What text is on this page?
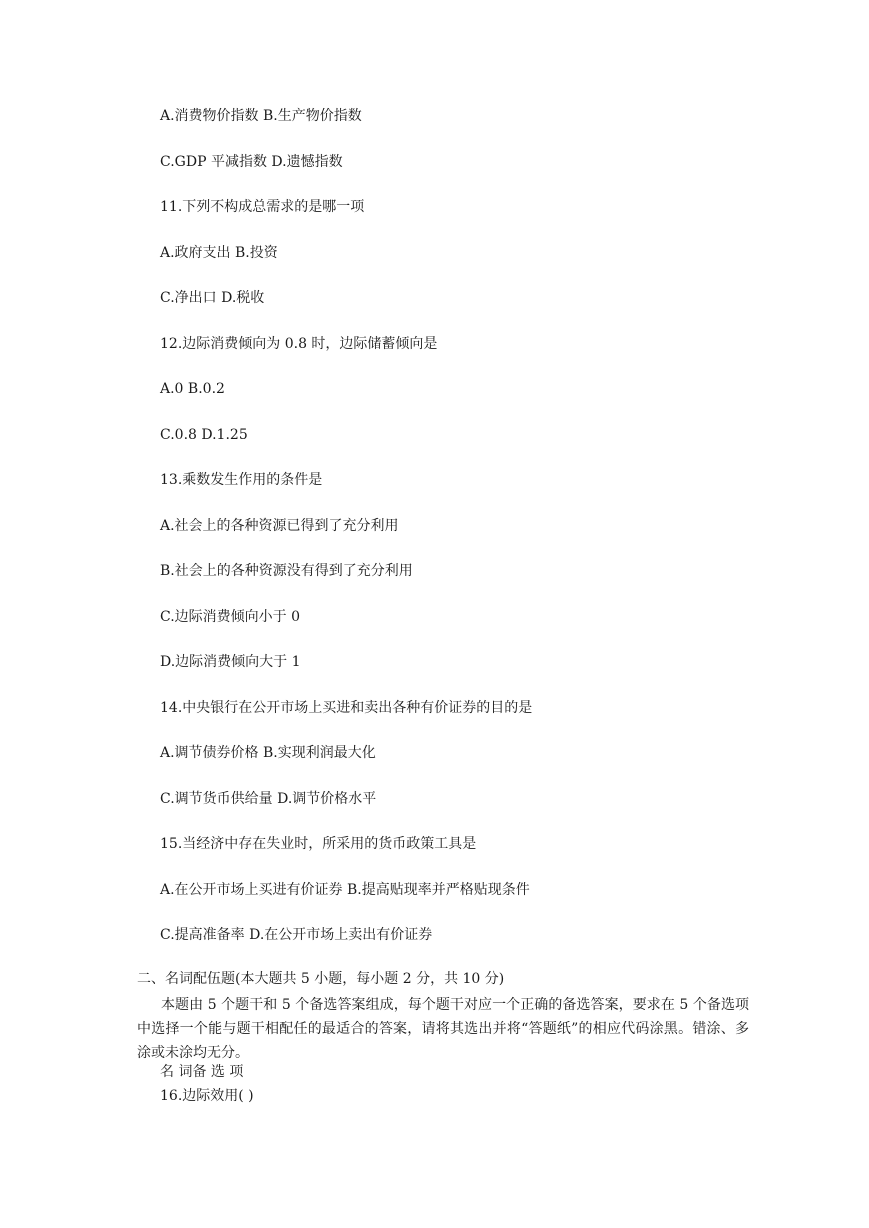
A.消费物价指数 B.生产物价指数
C.GDP 平减指数 D.遗憾指数
11.下列不构成总需求的是哪一项
A.政府支出 B.投资
C.净出口 D.税收
12.边际消费倾向为 0.8 时，边际储蓄倾向是
A.0 B.0.2
C.0.8 D.1.25
13.乘数发生作用的条件是
A.社会上的各种资源已得到了充分利用
B.社会上的各种资源没有得到了充分利用
C.边际消费倾向小于 0
D.边际消费倾向大于 1
14.中央银行在公开市场上买进和卖出各种有价证券的目的是
A.调节债券价格 B.实现利润最大化
C.调节货币供给量 D.调节价格水平
15.当经济中存在失业时，所采用的货币政策工具是
A.在公开市场上买进有价证券 B.提高贴现率并严格贴现条件
C.提高准备率 D.在公开市场上卖出有价证券
二、名词配伍题(本大题共 5 小题，每小题 2 分，共 10 分)
本题由 5 个题干和 5 个备选答案组成，每个题干对应一个正确的备选答案，要求在 5 个备选项中选择一个能与题干相配任的最适合的答案，请将其选出并将“答题纸”的相应代码涂黑。错涂、多涂或未涂均无分。
名 词备 选 项
16.边际效用( )
